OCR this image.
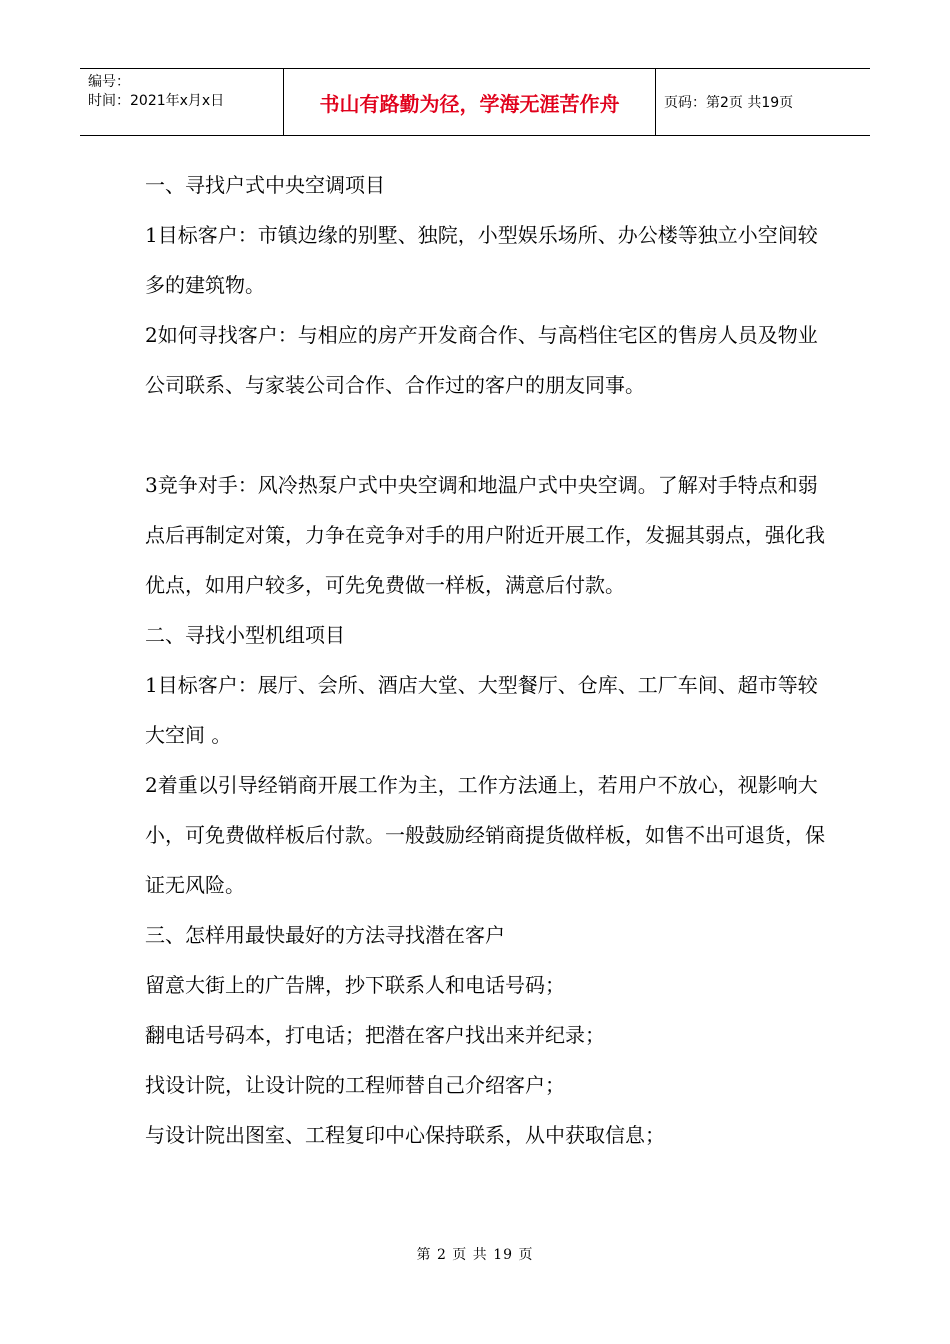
编号：
时间：2021年x月x日	书山有路勤为径，学海无涯苦作舟	页码：第2页 共19页

一、寻找户式中央空调项目

1目标客户：市镇边缘的别墅、独院，小型娱乐场所、办公楼等独立小空间较多的建筑物。

2如何寻找客户：与相应的房产开发商合作、与高档住宅区的售房人员及物业公司联系、与家装公司合作、合作过的客户的朋友同事。

3竞争对手：风冷热泵户式中央空调和地温户式中央空调。了解对手特点和弱点后再制定对策，力争在竞争对手的用户附近开展工作，发掘其弱点，强化我优点，如用户较多，可先免费做一样板，满意后付款。

二、寻找小型机组项目

1目标客户：展厅、会所、酒店大堂、大型餐厅、仓库、工厂车间、超市等较大空间 。

2着重以引导经销商开展工作为主，工作方法通上，若用户不放心，视影响大小，可免费做样板后付款。一般鼓励经销商提货做样板，如售不出可退货，保证无风险。

三、怎样用最快最好的方法寻找潜在客户

留意大街上的广告牌，抄下联系人和电话号码；

翻电话号码本，打电话；把潜在客户找出来并纪录；

找设计院，让设计院的工程师替自己介绍客户；

与设计院出图室、工程复印中心保持联系，从中获取信息；

第 2 页 共 19 页
